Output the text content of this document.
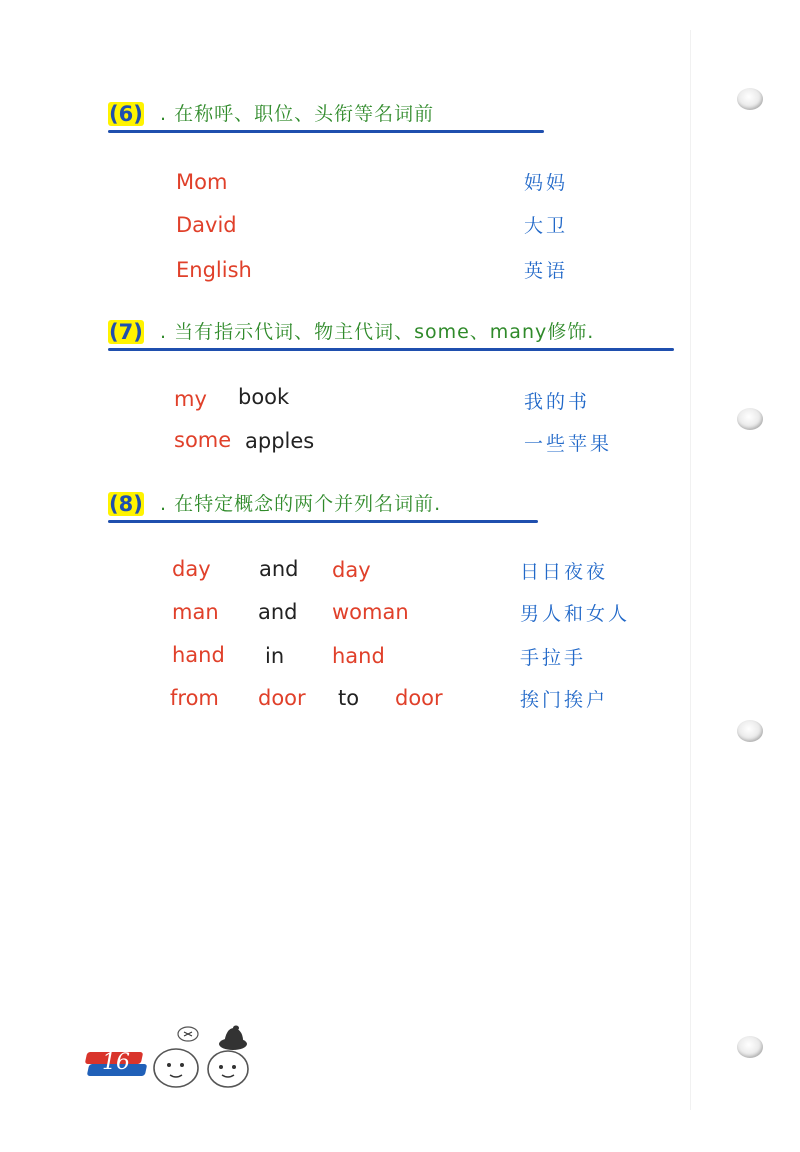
(6) . 在称呼、职位、头衔等名词前
Mom	妈妈
David	大卫
English	英语
(7) . 当有指示代词、物主代词、some、many修饰.
my book	我的书
some apples	一些苹果
(8) . 在特定概念的两个并列名词前.
day and day	日日夜夜
man and woman	男人和女人
hand in hand	手拉手
from door to door	挨门挨户
16
